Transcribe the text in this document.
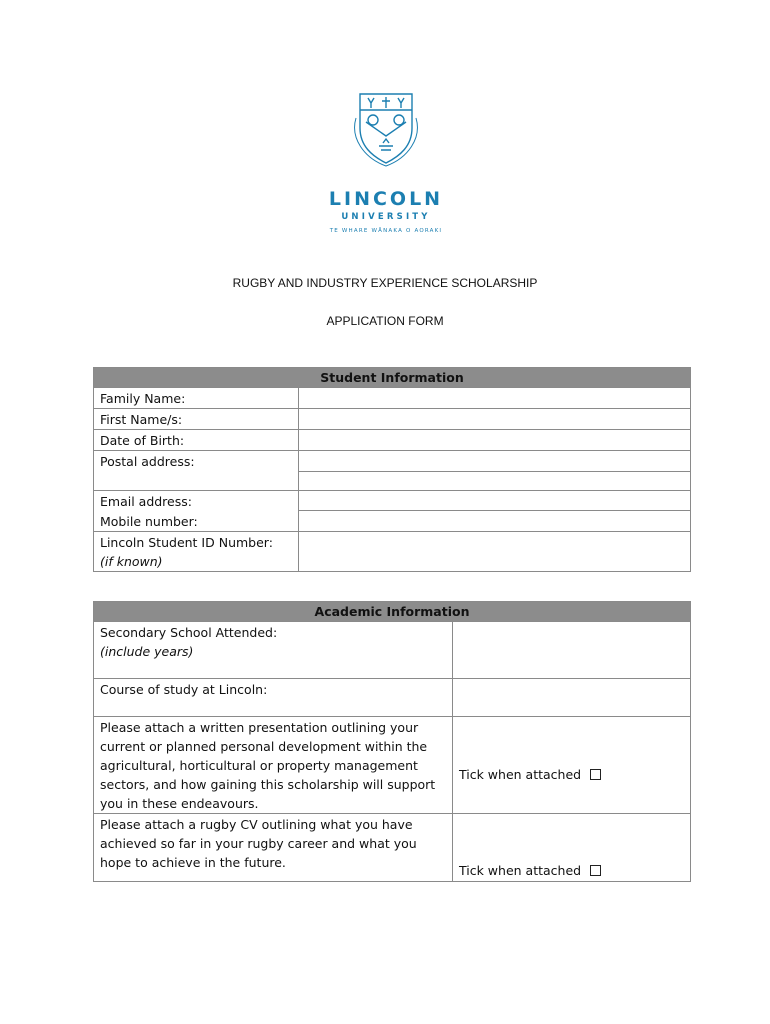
LINCOLN
UNIVERSITY
TE WHARE WĀNAKA O AORAKI
RUGBY AND INDUSTRY EXPERIENCE SCHOLARSHIP
APPLICATION FORM
Student Information	
Family Name:	
First Name/s:	
Date of Birth:	
Postal address:	

Email address:	
Mobile number:	

Lincoln Student ID Number:
(if known)	

Academic Information	

Secondary School Attended:
(include years)	

Course of study at Lincoln:	
Please attach a written presentation outlining your current or planned personal development within the agricultural, horticultural or property management sectors, and how gaining this scholarship will support you in these endeavours.	Tick when attached

Please attach a rugby CV outlining what you have achieved so far in your rugby career and what you hope to achieve in the future.	Tick when attached
